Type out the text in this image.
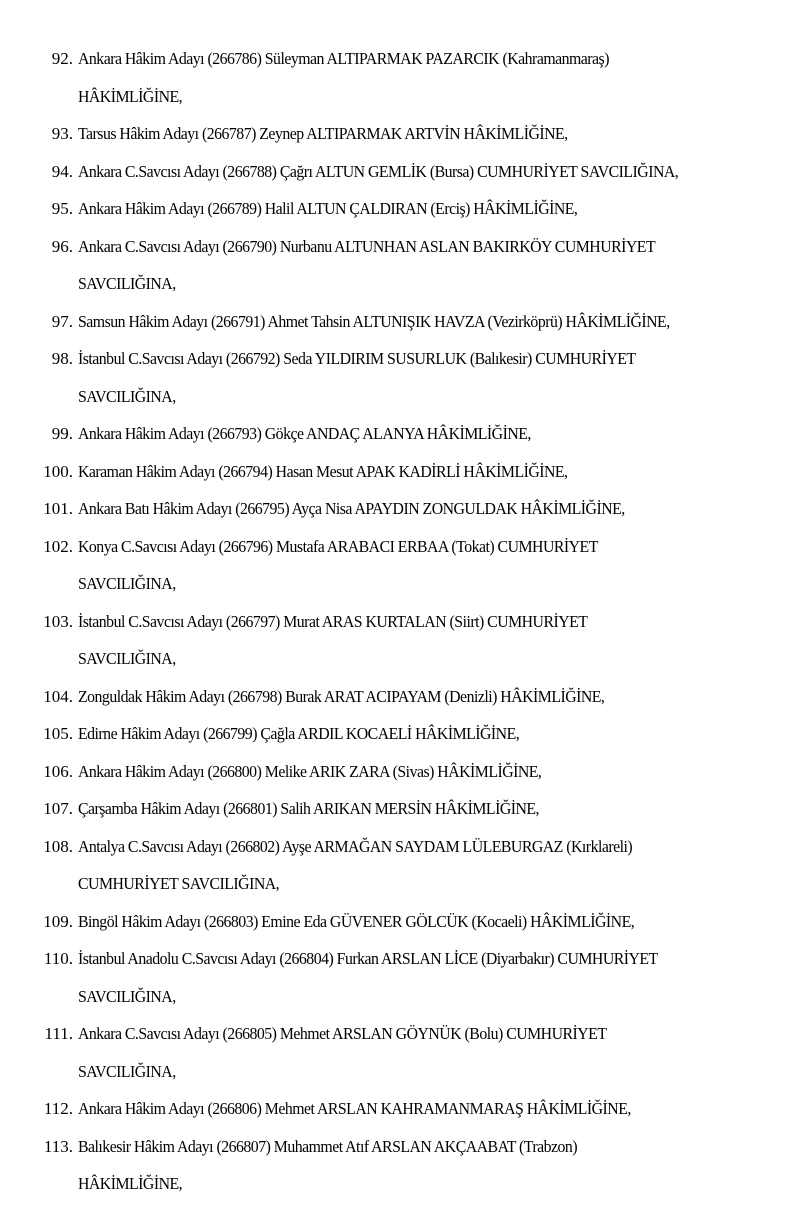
92. Ankara Hâkim Adayı (266786) Süleyman ALTIPARMAK PAZARCIK (Kahramanmaraş)
HÂKİMLİĞİNE,
93. Tarsus Hâkim Adayı (266787) Zeynep ALTIPARMAK ARTVİN HÂKİMLİĞİNE,
94. Ankara C.Savcısı Adayı (266788) Çağrı ALTUN GEMLİK (Bursa) CUMHURİYET SAVCILIĞINA,
95. Ankara Hâkim Adayı (266789) Halil ALTUN ÇALDIRAN (Erciş) HÂKİMLİĞİNE,
96. Ankara C.Savcısı Adayı (266790) Nurbanu ALTUNHAN ASLAN BAKIRKÖY CUMHURİYET
SAVCILIĞINA,
97. Samsun Hâkim Adayı (266791) Ahmet Tahsin ALTUNIŞIK HAVZA (Vezirköprü) HÂKİMLİĞİNE,
98. İstanbul C.Savcısı Adayı (266792) Seda YILDIRIM SUSURLUK (Balıkesir) CUMHURİYET
SAVCILIĞINA,
99. Ankara Hâkim Adayı (266793) Gökçe ANDAÇ ALANYA HÂKİMLİĞİNE,
100. Karaman Hâkim Adayı (266794) Hasan Mesut APAK KADİRLİ HÂKİMLİĞİNE,
101. Ankara Batı Hâkim Adayı (266795) Ayça Nisa APAYDIN ZONGULDAK HÂKİMLİĞİNE,
102. Konya C.Savcısı Adayı (266796) Mustafa ARABACI ERBAA (Tokat) CUMHURİYET
SAVCILIĞINA,
103. İstanbul C.Savcısı Adayı (266797) Murat ARAS KURTALAN (Siirt) CUMHURİYET
SAVCILIĞINA,
104. Zonguldak Hâkim Adayı (266798) Burak ARAT ACIPAYAM (Denizli) HÂKİMLİĞİNE,
105. Edirne Hâkim Adayı (266799) Çağla ARDIL KOCAELİ HÂKİMLİĞİNE,
106. Ankara Hâkim Adayı (266800) Melike ARIK ZARA (Sivas) HÂKİMLİĞİNE,
107. Çarşamba Hâkim Adayı (266801) Salih ARIKAN MERSİN HÂKİMLİĞİNE,
108. Antalya C.Savcısı Adayı (266802) Ayşe ARMAĞAN SAYDAM LÜLEBURGAZ (Kırklareli)
CUMHURİYET SAVCILIĞINA,
109. Bingöl Hâkim Adayı (266803) Emine Eda GÜVENER GÖLCÜK (Kocaeli) HÂKİMLİĞİNE,
110. İstanbul Anadolu C.Savcısı Adayı (266804) Furkan ARSLAN LİCE (Diyarbakır) CUMHURİYET
SAVCILIĞINA,
111. Ankara C.Savcısı Adayı (266805) Mehmet ARSLAN GÖYNÜK (Bolu) CUMHURİYET
SAVCILIĞINA,
112. Ankara Hâkim Adayı (266806) Mehmet ARSLAN KAHRAMANMARAŞ HÂKİMLİĞİNE,
113. Balıkesir Hâkim Adayı (266807) Muhammet Atıf ARSLAN AKÇAABAT (Trabzon)
HÂKİMLİĞİNE,
